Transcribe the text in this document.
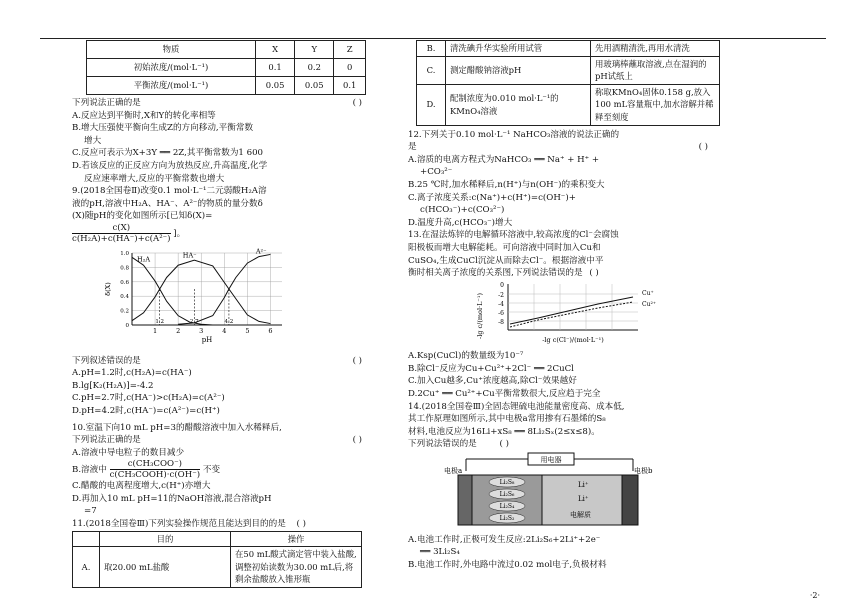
物质	X	Y	Z
初始浓度/(mol·L⁻¹)	0.1	0.2	0
平衡浓度/(mol·L⁻¹)	0.05	0.05	0.1
下列说法正确的是	( )
A.反应达到平衡时,X和Y的转化率相等
B.增大压强使平衡向生成Z的方向移动,平衡常数
增大
C.反应可表示为X+3Y ══ 2Z,其平衡常数为1 600
D.若该反应的正反应方向为放热反应,升高温度,化学
反应速率增大,反应的平衡常数也增大
9.(2018全国卷Ⅱ)改变0.1 mol·L⁻¹二元弱酸H₂A溶
液的pH,溶液中H₂A、HA⁻、A²⁻的物质的量分数δ
(X)随pH的变化如图所示[已知δ(X)=
$\frac{c(X)}{\text{c(H₂A)+c(HA⁻)+c(A²⁻)}}$ ]。
1	2	3	4	5	6
0
0.2
0.4
0.6
0.8
1.0
pH
δ(X)
1.2	2.7	4.2
H₂A
HA⁻	A²⁻
下列叙述错误的是	( )
A.pH=1.2时,c(H₂A)=c(HA⁻)
B.lg[K₂(H₂A)]=-4.2
C.pH=2.7时,c(HA⁻)>c(H₂A)=c(A²⁻)
D.pH=4.2时,c(HA⁻)=c(A²⁻)=c(H⁺)
10.室温下向10 mL pH=3的醋酸溶液中加入水稀释后,
下列说法正确的是	( )
A.溶液中导电粒子的数目减少
B.溶液中 $\frac{\text{c(CH₃COO⁻)}}{\text{c(CH₃COOH)·c(OH⁻)}}$ 不变
C.醋酸的电离程度增大,c(H⁺)亦增大
D.再加入10 mL pH=11的NaOH溶液,混合溶液pH
=7
11.(2018全国卷Ⅲ)下列实验操作规范且能达到目的的是 ( )
	目的	操作
A.	取20.00 mL盐酸	在50 mL酸式滴定管中装入盐酸,调整初始读数为30.00 mL后,将剩余盐酸放入锥形瓶
B.	清洗碘升华实验所用试管	先用酒精清洗,再用水清洗
C.	测定醋酸钠溶液pH	用玻璃棒蘸取溶液,点在湿润的pH试纸上
D.	配制浓度为0.010 mol·L⁻¹的KMnO₄溶液	称取KMnO₄固体0.158 g,放入100 mL容量瓶中,加水溶解并稀释至刻度
12.下列关于0.10 mol·L⁻¹ NaHCO₃溶液的说法正确的
是	( )
A.溶质的电离方程式为NaHCO₃ ══ Na⁺ + H⁺ +
+CO₃²⁻
B.25 ℃时,加水稀释后,n(H⁺)与n(OH⁻)的乘积变大
C.离子浓度关系:c(Na⁺)+c(H⁺)=c(OH⁻)+
c(HCO₃⁻)+c(CO₃²⁻)
D.温度升高,c(HCO₃⁻)增大
13.在湿法炼锌的电解循环溶液中,较高浓度的Cl⁻会腐蚀
阳极板而增大电解能耗。可向溶液中同时加入Cu和
CuSO₄,生成CuCl沉淀从而除去Cl⁻。根据溶液中平
衡时相关离子浓度的关系图,下列说法错误的是 ( )
-lg c/(mol·L⁻¹)
0
-2
-4
-6
-8
Cu⁺
Cu²⁺
-lg c(Cl⁻)/(mol·L⁻¹)
A.Ksp(CuCl)的数量级为10⁻⁷
B.除Cl⁻反应为Cu+Cu²⁺+2Cl⁻ ══ 2CuCl
C.加入Cu越多,Cu⁺浓度越高,除Cl⁻效果越好
D.2Cu⁺ ══ Cu²⁺+Cu平衡常数很大,反应趋于完全
14.(2018全国卷Ⅲ)全固态锂硫电池能量密度高、成本低,
其工作原理如图所示,其中电极a常用掺有石墨烯的S₈
材料,电池反应为16Li+xS₈ ══ 8Li₂Sₓ(2≤x≤8)。
下列说法错误的是	( )
用电器
电极a	电极b
Li₂S₈
Li₂S₆
Li₂S₄
Li₂S₂
Li⁺
Li⁺
电解质
A.电池工作时,正极可发生反应:2Li₂S₆+2Li⁺+2e⁻
══ 3Li₂S₄
B.电池工作时,外电路中流过0.02 mol电子,负极材料
·2·
